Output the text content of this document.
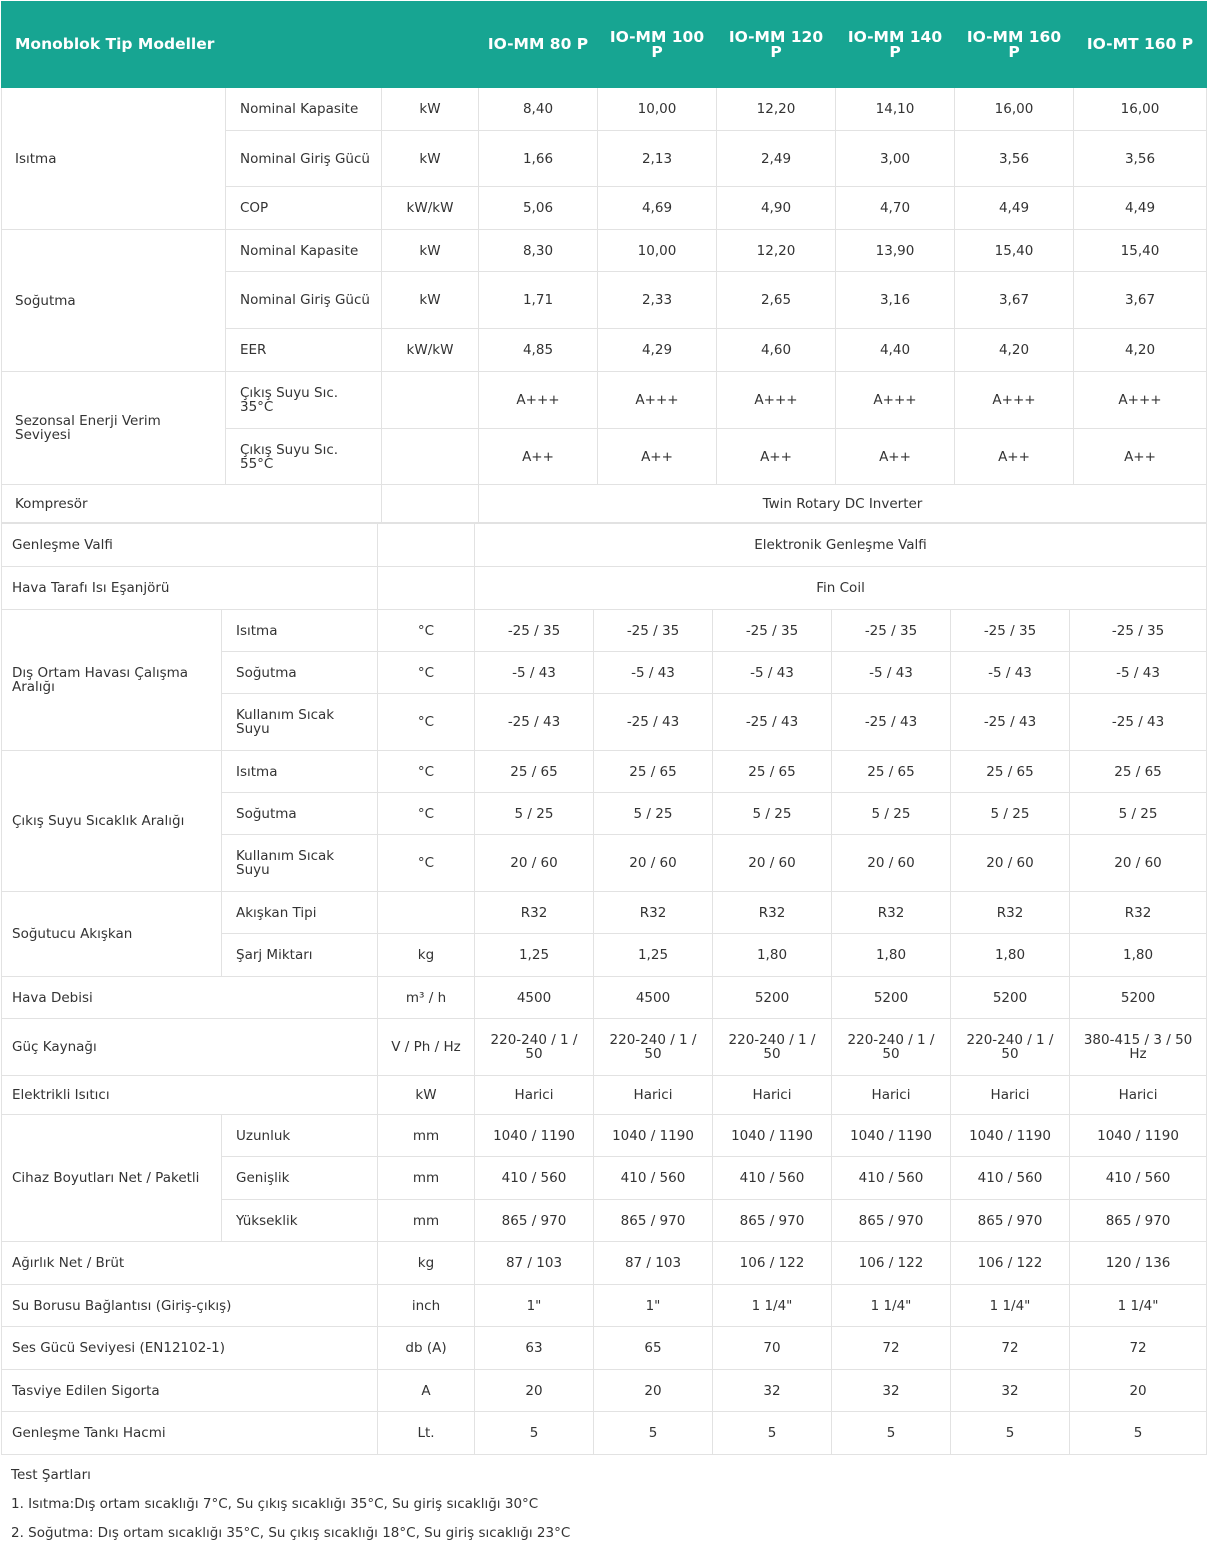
Monoblok Tip Modeller			IO-MM 80 P	IO-MM 100 P	IO-MM 120 P	IO-MM 140 P	IO-MM 160 P	IO-MT 160 P
Isıtma	Nominal Kapasite	kW	8,40	10,00	12,20	14,10	16,00	16,00
	Nominal Giriş Gücü	kW	1,66	2,13	2,49	3,00	3,56	3,56
	COP	kW/kW	5,06	4,69	4,90	4,70	4,49	4,49
Soğutma	Nominal Kapasite	kW	8,30	10,00	12,20	13,90	15,40	15,40
	Nominal Giriş Gücü	kW	1,71	2,33	2,65	3,16	3,67	3,67
	EER	kW/kW	4,85	4,29	4,60	4,40	4,20	4,20
Sezonsal Enerji Verim Seviyesi	Çıkış Suyu Sıc. 35°C		A+++	A+++	A+++	A+++	A+++	A+++
	Çıkış Suyu Sıc. 55°C		A++	A++	A++	A++	A++	A++
Kompresör			Twin Rotary DC Inverter					
Genleşme Valfi			Elektronik Genleşme Valfi					
Hava Tarafı Isı Eşanjörü			Fin Coil					
Dış Ortam Havası Çalışma Aralığı	Isıtma	°C	-25 / 35	-25 / 35	-25 / 35	-25 / 35	-25 / 35	-25 / 35
	Soğutma	°C	-5 / 43	-5 / 43	-5 / 43	-5 / 43	-5 / 43	-5 / 43
	Kullanım Sıcak Suyu	°C	-25 / 43	-25 / 43	-25 / 43	-25 / 43	-25 / 43	-25 / 43
Çıkış Suyu Sıcaklık Aralığı	Isıtma	°C	25 / 65	25 / 65	25 / 65	25 / 65	25 / 65	25 / 65
	Soğutma	°C	5 / 25	5 / 25	5 / 25	5 / 25	5 / 25	5 / 25
	Kullanım Sıcak Suyu	°C	20 / 60	20 / 60	20 / 60	20 / 60	20 / 60	20 / 60
Soğutucu Akışkan	Akışkan Tipi		R32	R32	R32	R32	R32	R32
	Şarj Miktarı	kg	1,25	1,25	1,80	1,80	1,80	1,80
Hava Debisi		m³ / h	4500	4500	5200	5200	5200	5200
Güç Kaynağı		V / Ph / Hz	220-240 / 1 / 50	220-240 / 1 / 50	220-240 / 1 / 50	220-240 / 1 / 50	220-240 / 1 / 50	380-415 / 3 / 50 Hz
Elektrikli Isıtıcı		kW	Harici	Harici	Harici	Harici	Harici	Harici
Cihaz Boyutları Net / Paketli	Uzunluk	mm	1040 / 1190	1040 / 1190	1040 / 1190	1040 / 1190	1040 / 1190	1040 / 1190
	Genişlik	mm	410 / 560	410 / 560	410 / 560	410 / 560	410 / 560	410 / 560
	Yükseklik	mm	865 / 970	865 / 970	865 / 970	865 / 970	865 / 970	865 / 970
Ağırlık Net / Brüt		kg	87 / 103	87 / 103	106 / 122	106 / 122	106 / 122	120 / 136
Su Borusu Bağlantısı (Giriş-çıkış)		inch	1"	1"	1 1/4"	1 1/4"	1 1/4"	1 1/4"
Ses Gücü Seviyesi (EN12102-1)		db (A)	63	65	70	72	72	72
Tasviye Edilen Sigorta		A	20	20	32	32	32	20
Genleşme Tankı Hacmi		Lt.	5	5	5	5	5	5
Test Şartları
1. Isıtma:Dış ortam sıcaklığı 7°C, Su çıkış sıcaklığı 35°C, Su giriş sıcaklığı 30°C
2. Soğutma: Dış ortam sıcaklığı 35°C, Su çıkış sıcaklığı 18°C, Su giriş sıcaklığı 23°C
